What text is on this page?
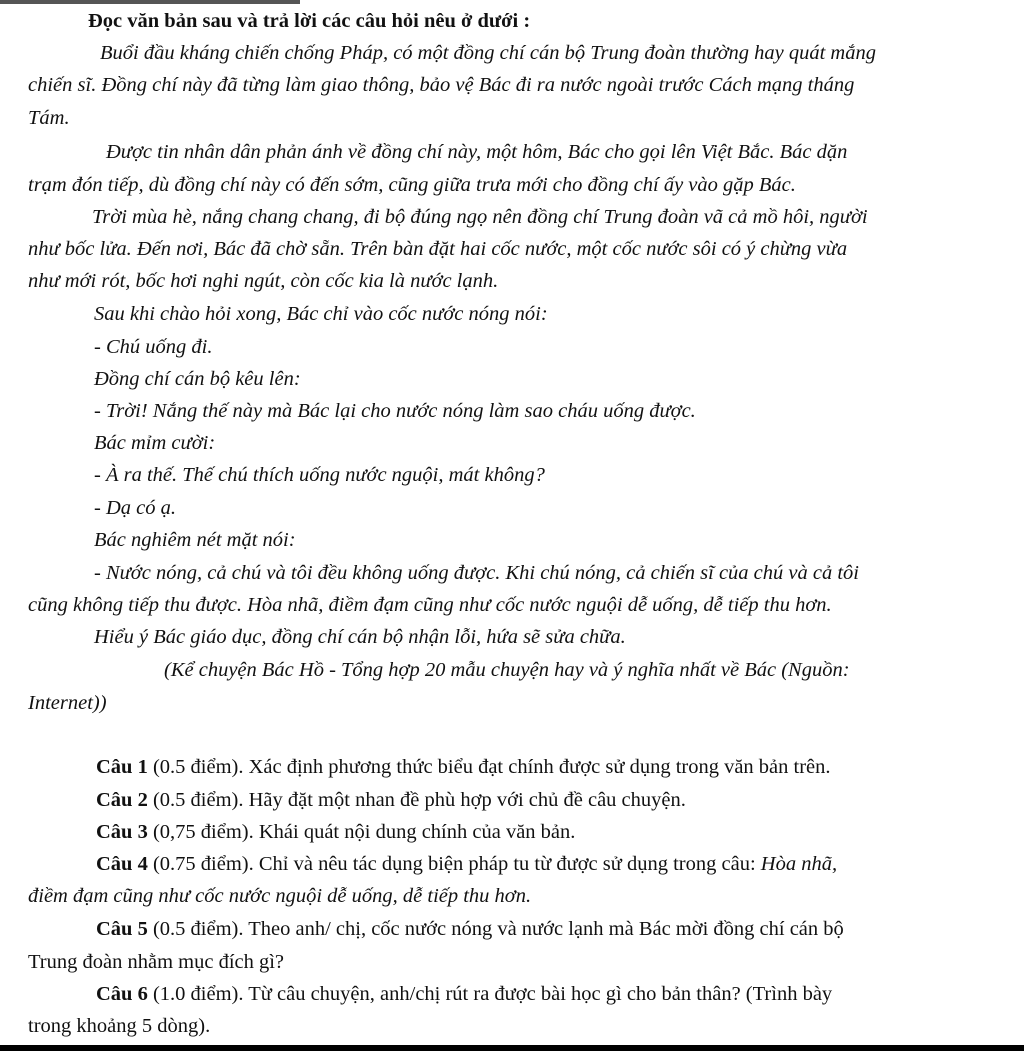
Đọc văn bản sau và trả lời các câu hỏi nêu ở dưới :
Buổi đầu kháng chiến chống Pháp, có một đồng chí cán bộ Trung đoàn thường hay quát mắng
chiến sĩ. Đồng chí này đã từng làm giao thông, bảo vệ Bác đi ra nước ngoài trước Cách mạng tháng
Tám.
Được tin nhân dân phản ánh về đồng chí này, một hôm, Bác cho gọi lên Việt Bắc. Bác dặn
trạm đón tiếp, dù đồng chí này có đến sớm, cũng giữa trưa mới cho đồng chí ấy vào gặp Bác.
Trời mùa hè, nắng chang chang, đi bộ đúng ngọ nên đồng chí Trung đoàn vã cả mồ hôi, người
như bốc lửa. Đến nơi, Bác đã chờ sẵn. Trên bàn đặt hai cốc nước, một cốc nước sôi có ý chừng vừa
như mới rót, bốc hơi nghi ngút, còn cốc kia là nước lạnh.
Sau khi chào hỏi xong, Bác chỉ vào cốc nước nóng nói:
- Chú uống đi.
Đồng chí cán bộ kêu lên:
- Trời! Nắng thế này mà Bác lại cho nước nóng làm sao cháu uống được.
Bác mỉm cười:
- À ra thế. Thế chú thích uống nước nguội, mát không?
- Dạ có ạ.
Bác nghiêm nét mặt nói:
- Nước nóng, cả chú và tôi đều không uống được. Khi chú nóng, cả chiến sĩ của chú và cả tôi
cũng không tiếp thu được. Hòa nhã, điềm đạm cũng như cốc nước nguội dễ uống, dễ tiếp thu hơn.
Hiểu ý Bác giáo dục, đồng chí cán bộ nhận lỗi, hứa sẽ sửa chữa.
(Kể chuyện Bác Hồ - Tổng hợp 20 mẫu chuyện hay và ý nghĩa nhất về Bác (Nguồn:
Internet))
Câu 1 (0.5 điểm). Xác định phương thức biểu đạt chính được sử dụng trong văn bản trên.
Câu 2 (0.5 điểm). Hãy đặt một nhan đề phù hợp với chủ đề câu chuyện.
Câu 3 (0,75 điểm). Khái quát nội dung chính của văn bản.
Câu 4 (0.75 điểm). Chỉ và nêu tác dụng biện pháp tu từ được sử dụng trong câu: Hòa nhã,
điềm đạm cũng như cốc nước nguội dễ uống, dễ tiếp thu hơn.
Câu 5 (0.5 điểm). Theo anh/ chị, cốc nước nóng và nước lạnh mà Bác mời đồng chí cán bộ
Trung đoàn nhằm mục đích gì?
Câu 6 (1.0 điểm). Từ câu chuyện, anh/chị rút ra được bài học gì cho bản thân? (Trình bày
trong khoảng 5 dòng).
